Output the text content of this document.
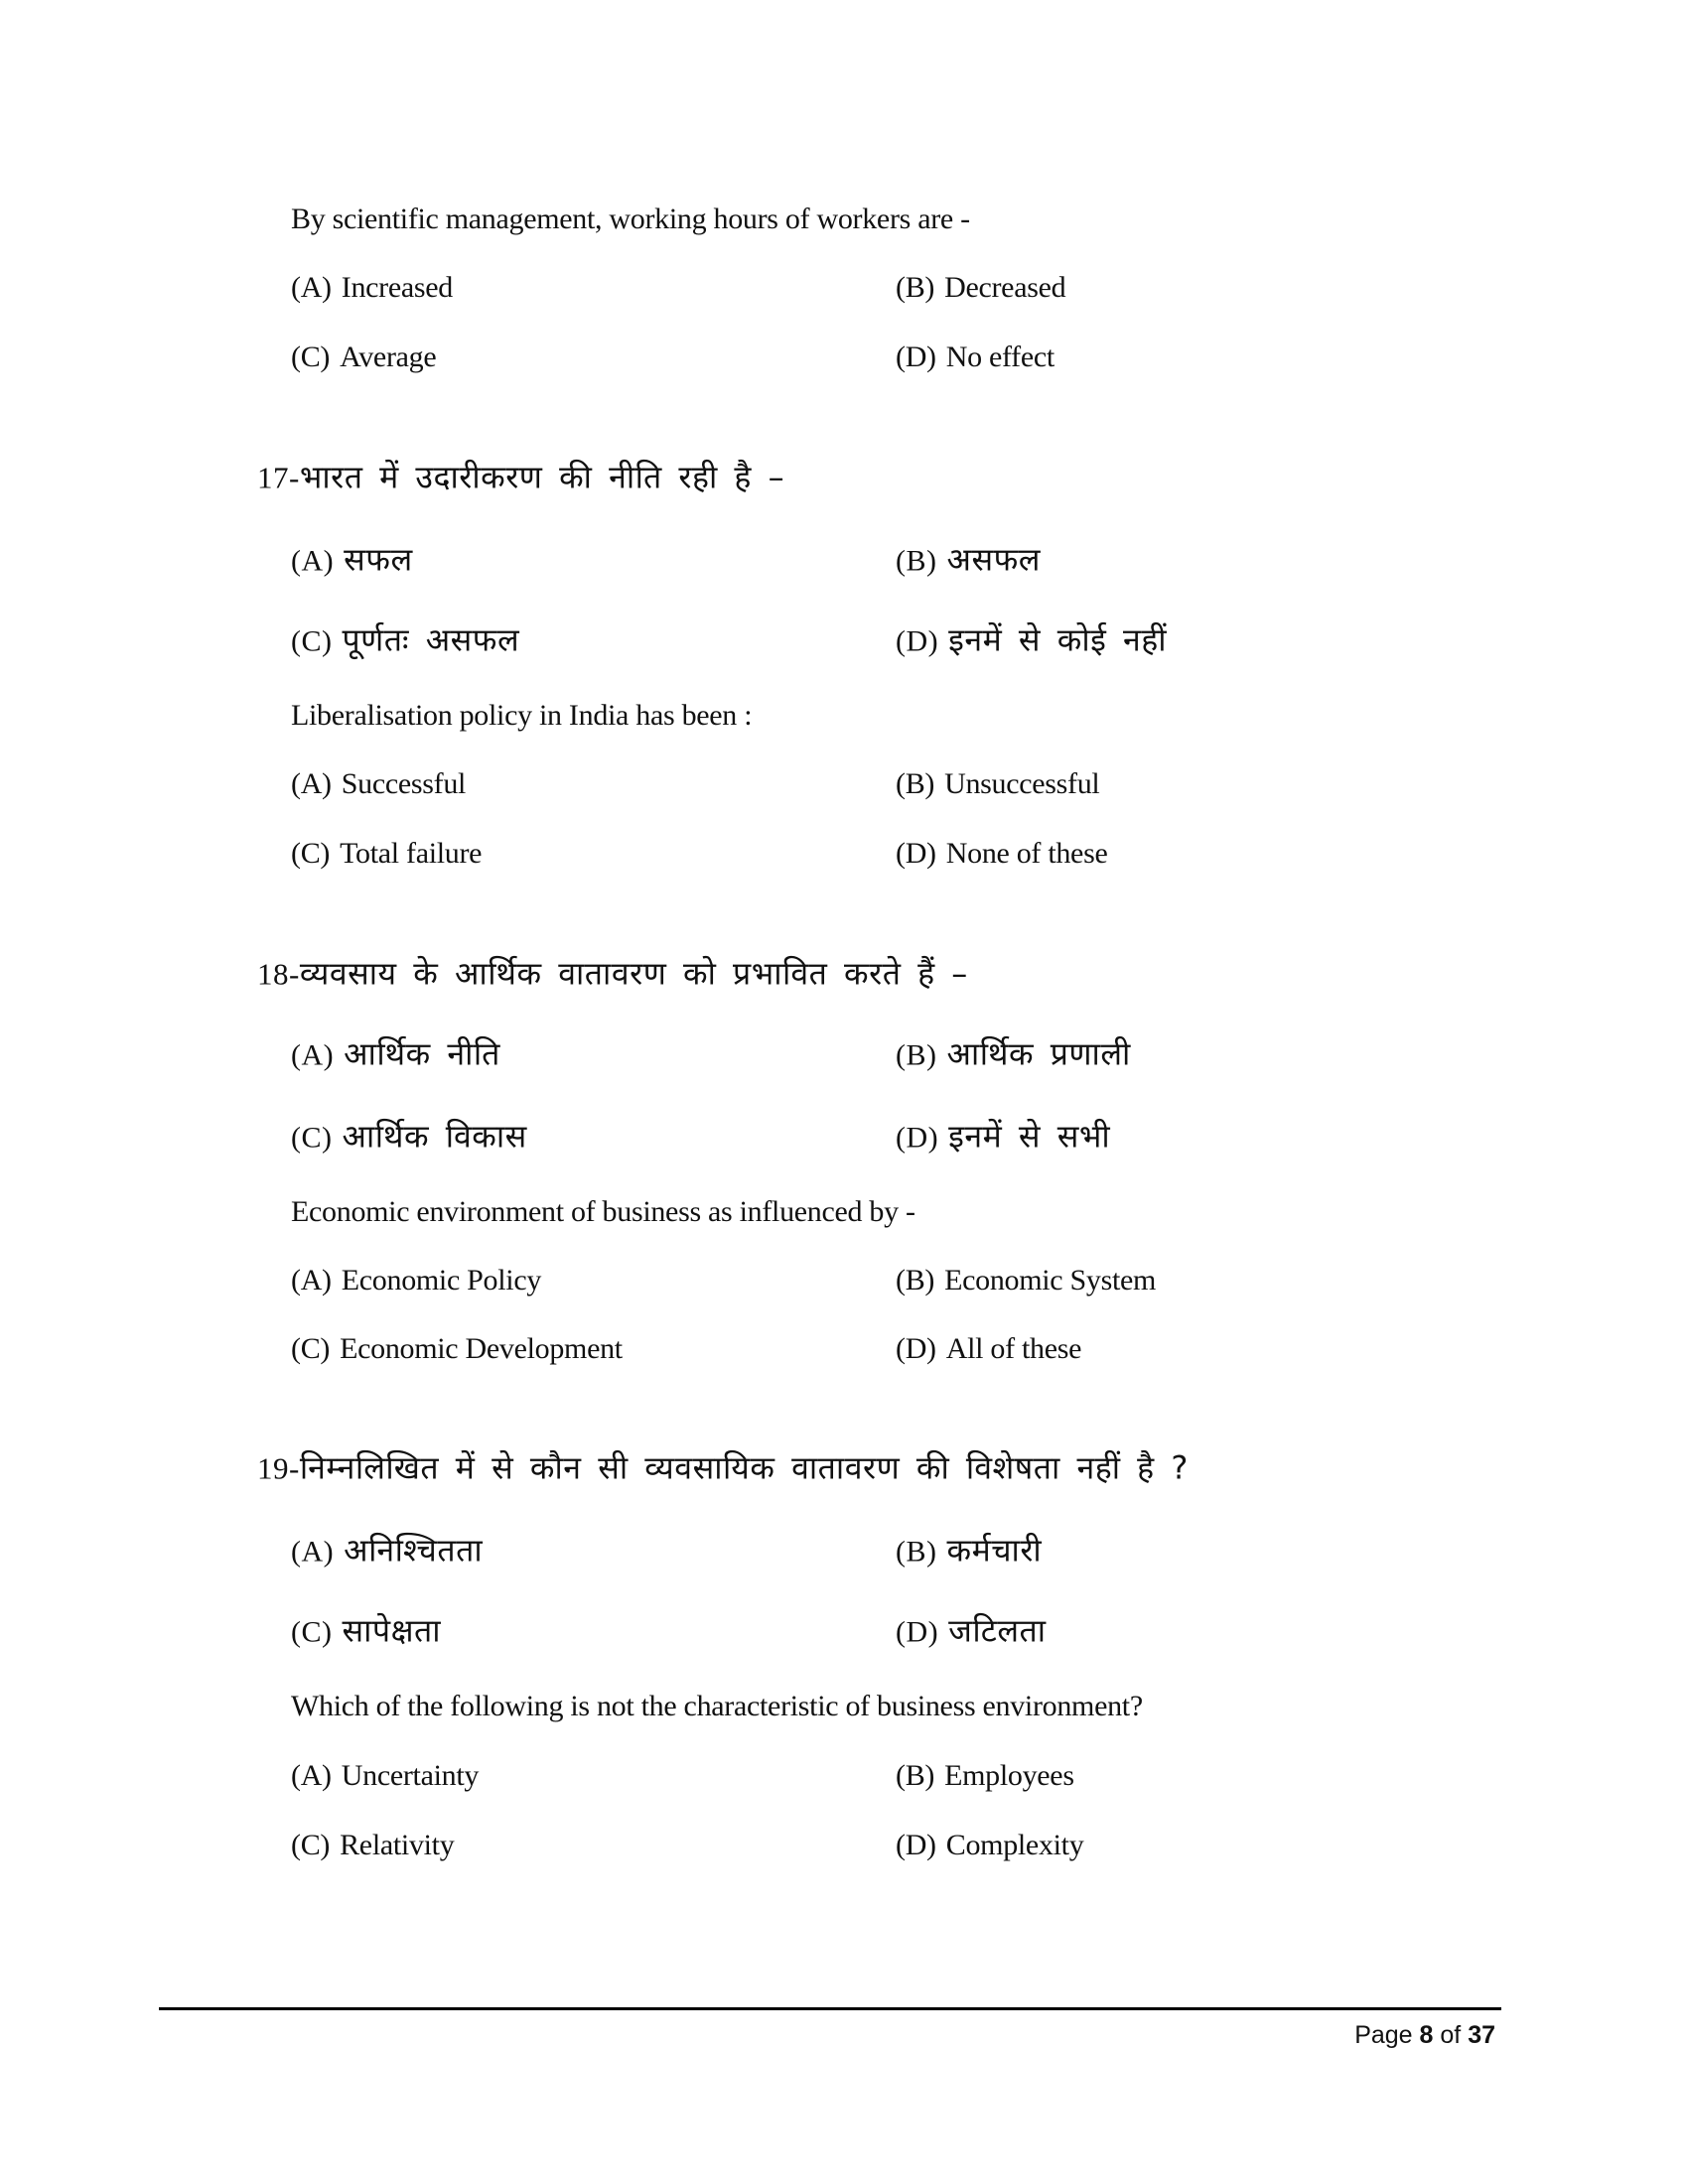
By scientific management, working hours of workers are -
(A) Increased	(B) Decreased
(C) Average	(D) No effect
17-भारत में उदारीकरण की नीति रही है –
(A) सफल	(B) असफल
(C) पूर्णतः असफल	(D) इनमें से कोई नहीं
Liberalisation policy in India has been :
(A) Successful	(B) Unsuccessful
(C) Total failure	(D) None of these
18-व्यवसाय के आर्थिक वातावरण को प्रभावित करते हैं –
(A) आर्थिक नीति	(B) आर्थिक प्रणाली
(C) आर्थिक विकास	(D) इनमें से सभी
Economic environment of business as influenced by -
(A) Economic Policy	(B) Economic System
(C) Economic Development	(D) All of these
19-निम्नलिखित में से कौन सी व्यवसायिक वातावरण की विशेषता नहीं है ?
(A) अनिश्चितता	(B) कर्मचारी
(C) सापेक्षता	(D) जटिलता
Which of the following is not the characteristic of business environment?
(A) Uncertainty	(B) Employees
(C) Relativity	(D) Complexity
Page 8 of 37
